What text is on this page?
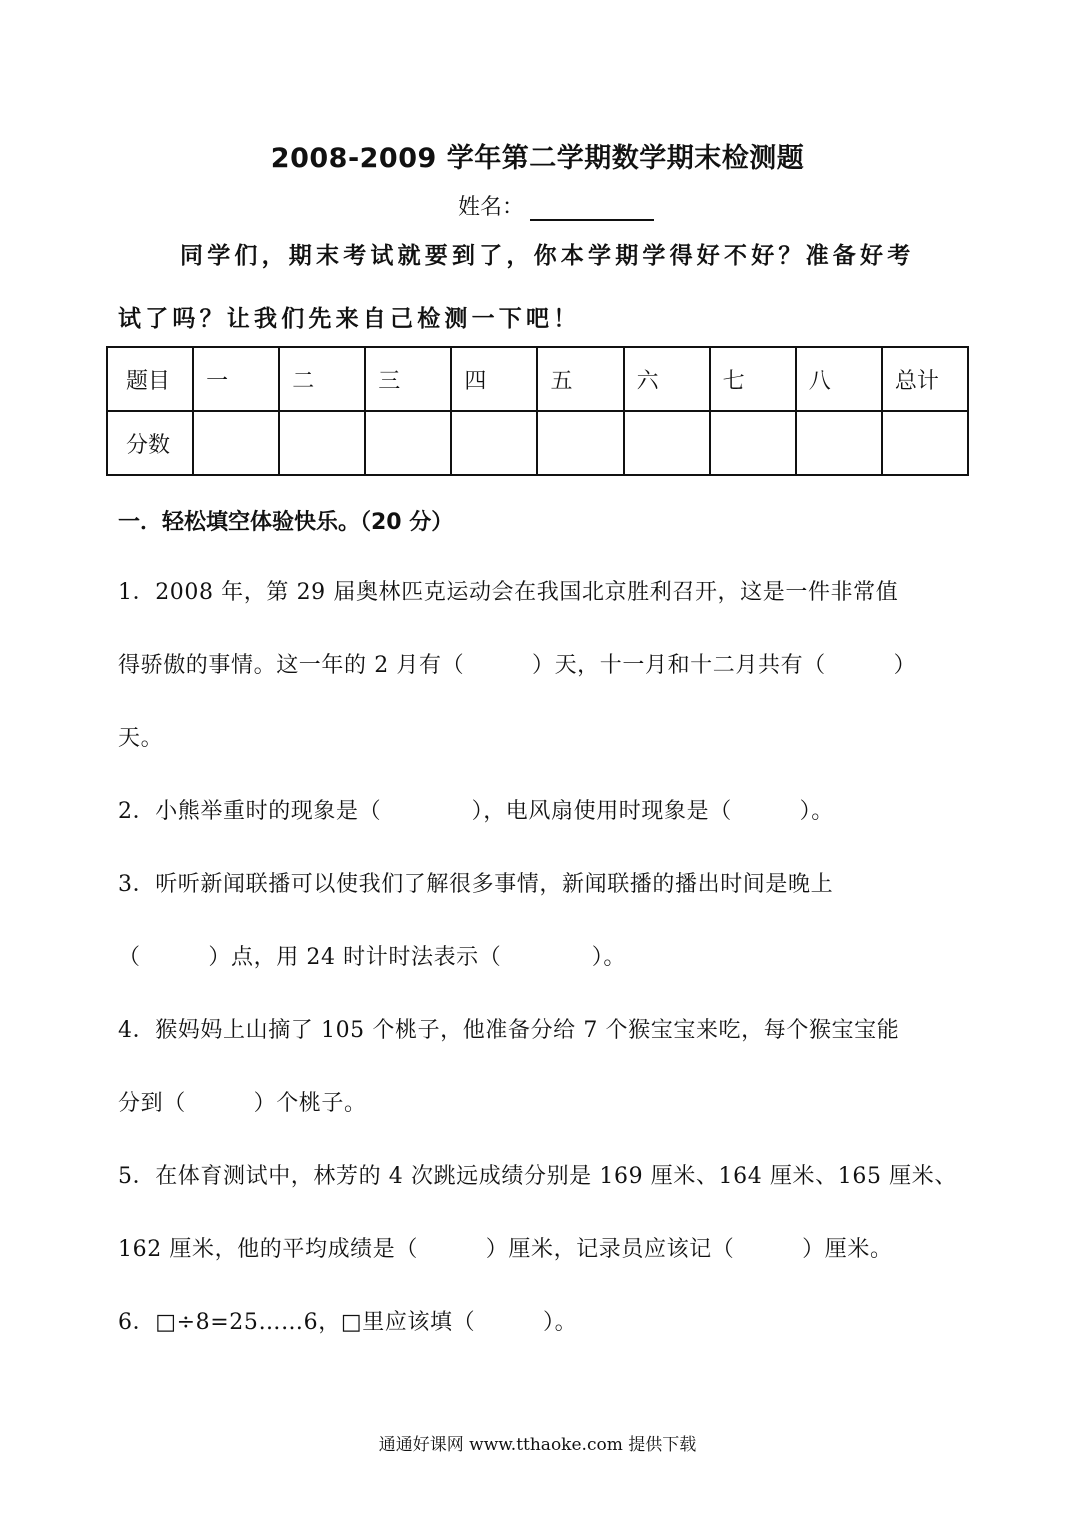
2008-2009 学年第二学期数学期末检测题
姓名：
同学们，期末考试就要到了，你本学期学得好不好？准备好考
试了吗？让我们先来自己检测一下吧！
题目	一	二	三	四	五	六	七	八	总计
分数									
一．轻松填空体验快乐。（20 分）
1．2008 年，第 29 届奥林匹克运动会在我国北京胜利召开，这是一件非常值
得骄傲的事情。这一年的 2 月有（　　　）天，十一月和十二月共有（　　　）
天。
2．小熊举重时的现象是（　　　　），电风扇使用时现象是（　　　）。
3．听听新闻联播可以使我们了解很多事情，新闻联播的播出时间是晚上
（　　　）点，用 24 时计时法表示（　　　　）。
4．猴妈妈上山摘了 105 个桃子，他准备分给 7 个猴宝宝来吃，每个猴宝宝能
分到（　　　）个桃子。
5．在体育测试中，林芳的 4 次跳远成绩分别是 169 厘米、164 厘米、165 厘米、
162 厘米，他的平均成绩是（　　　）厘米，记录员应该记（　　　）厘米。
6．□÷8=25……6，□里应该填（　　　）。
通通好课网 www.tthaoke.com 提供下载
